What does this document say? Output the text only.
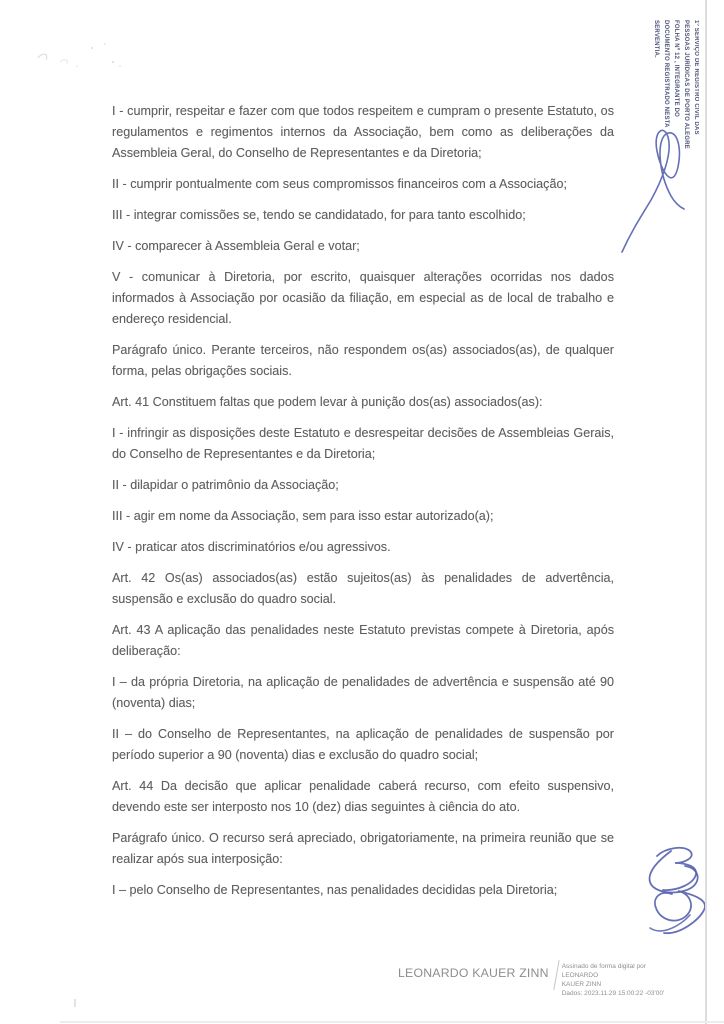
1º SERVIÇO DE REGISTRO CIVIL DAS
PESSOAS JURÍDICAS DE PORTO ALEGRE
FOLHA Nº 12 , INTEGRANTE DO
DOCUMENTO REGISTRADO NESTA
SERVENTIA.

I - cumprir, respeitar e fazer com que todos respeitem e cumpram o presente Estatuto, os regulamentos e regimentos internos da Associação, bem como as deliberações da Assembleia Geral, do Conselho de Representantes e da Diretoria;

II - cumprir pontualmente com seus compromissos financeiros com a Associação;

III - integrar comissões se, tendo se candidatado, for para tanto escolhido;

IV - comparecer à Assembleia Geral e votar;

V - comunicar à Diretoria, por escrito, quaisquer alterações ocorridas nos dados informados à Associação por ocasião da filiação, em especial as de local de trabalho e endereço residencial.

Parágrafo único. Perante terceiros, não respondem os(as) associados(as), de qualquer forma, pelas obrigações sociais.

Art. 41 Constituem faltas que podem levar à punição dos(as) associados(as):

I - infringir as disposições deste Estatuto e desrespeitar decisões de Assembleias Gerais, do Conselho de Representantes e da Diretoria;

II - dilapidar o patrimônio da Associação;

III - agir em nome da Associação, sem para isso estar autorizado(a);

IV - praticar atos discriminatórios e/ou agressivos.

Art. 42 Os(as) associados(as) estão sujeitos(as) às penalidades de advertência, suspensão e exclusão do quadro social.

Art. 43 A aplicação das penalidades neste Estatuto previstas compete à Diretoria, após deliberação:

I – da própria Diretoria, na aplicação de penalidades de advertência e suspensão até 90 (noventa) dias;

II – do Conselho de Representantes, na aplicação de penalidades de suspensão por período superior a 90 (noventa) dias e exclusão do quadro social;

Art. 44 Da decisão que aplicar penalidade caberá recurso, com efeito suspensivo, devendo este ser interposto nos 10 (dez) dias seguintes à ciência do ato.

Parágrafo único. O recurso será apreciado, obrigatoriamente, na primeira reunião que se realizar após sua interposição:

I – pelo Conselho de Representantes, nas penalidades decididas pela Diretoria;

LEONARDO KAUER ZINN Assinado de forma digital por LEONARDO
KAUER ZINN
Dados: 2023.11.29 15:00:22 -03'00'
